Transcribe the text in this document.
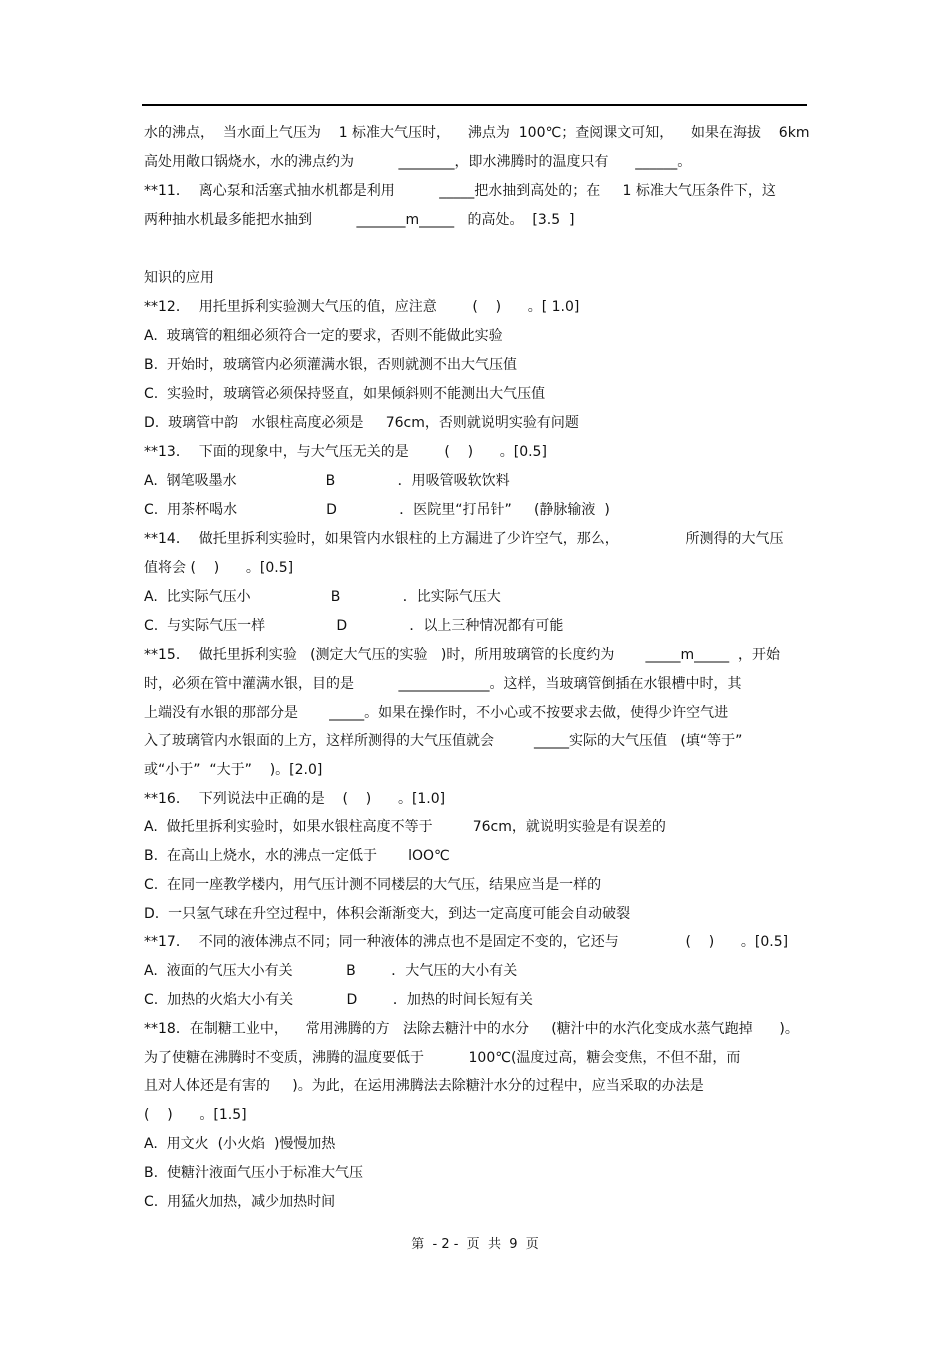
水的沸点，  当水面上气压为    1 标准大气压时，    沸点为  100℃；查阅课文可知，    如果在海拔    6km
高处用敞口锅烧水，水的沸点约为          ________，即水沸腾时的温度只有      ______。
**11．  离心泵和活塞式抽水机都是利用          _____把水抽到高处的；在     1 标准大气压条件下，这
两种抽水机最多能把水抽到          _______m_____   的高处。  [3.5  ]
知识的应用
**12．  用托里拆利实验测大气压的值，应注意        (    )      。[ 1.0]
A.  玻璃管的粗细必须符合一定的要求，否则不能做此实验
B.  开始时，玻璃管内必须灌满水银，否则就测不出大气压值
C.  实验时，玻璃管必须保持竖直，如果倾斜则不能测出大气压值
D.  玻璃管中韵   水银柱高度必须是     76cm，否则就说明实验有问题
**13．  下面的现象中，与大气压无关的是        (    )      。[0.5]
A.  钢笔吸墨水                    B              ．用吸管吸软饮料
C.  用茶杯喝水                    D              ．医院里“打吊针”     (静脉输液  )
**14．  做托里拆利实验时，如果管内水银柱的上方漏进了少许空气，那么，               所测得的大气压
值将会 (    )      。[0.5]
A.  比实际气压小                  B              ．比实际气压大
C.  与实际气压一样                D              ．以上三种情况都有可能
**15．  做托里拆利实验   (测定大气压的实验   )时，所用玻璃管的长度约为       _____m_____  ，开始
时，必须在管中灌满水银，目的是          _____________。这样，当玻璃管倒插在水银槽中时，其
上端没有水银的那部分是       _____。如果在操作时，不小心或不按要求去做，使得少许空气进
入了玻璃管内水银面的上方，这样所测得的大气压值就会         _____实际的大气压值   (填“等于”
或“小于”  “大于”    )。[2.0]
**16．  下列说法中正确的是    (    )      。[1.0]
A.  做托里拆利实验时，如果水银柱高度不等于         76cm，就说明实验是有误差的
B.  在高山上烧水，水的沸点一定低于       lOO℃
C.  在同一座教学楼内，用气压计测不同楼层的大气压，结果应当是一样的
D.  一只氢气球在升空过程中，体积会渐渐变大，到达一定高度可能会自动破裂
**17．  不同的液体沸点不同；同一种液体的沸点也不是固定不变的，它还与               (    )      。[0.5]
A.  液面的气压大小有关            B        ．大气压的大小有关
C.  加热的火焰大小有关            D        ．加热的时间长短有关
**18．在制糖工业中，    常用沸腾的方   法除去糖汁中的水分     (糖汁中的水汽化变成水蒸气跑掉      )。
为了使糖在沸腾时不变质，沸腾的温度要低于          100℃(温度过高，糖会变焦，不但不甜，而
且对人体还是有害的     )。为此，在运用沸腾法去除糖汁水分的过程中，应当采取的办法是
(    )      。[1.5]
A.  用文火  (小火焰  )慢慢加热
B.  使糖汁液面气压小于标准大气压
C.  用猛火加热，减少加热时间
第  - 2 -  页  共  9  页
